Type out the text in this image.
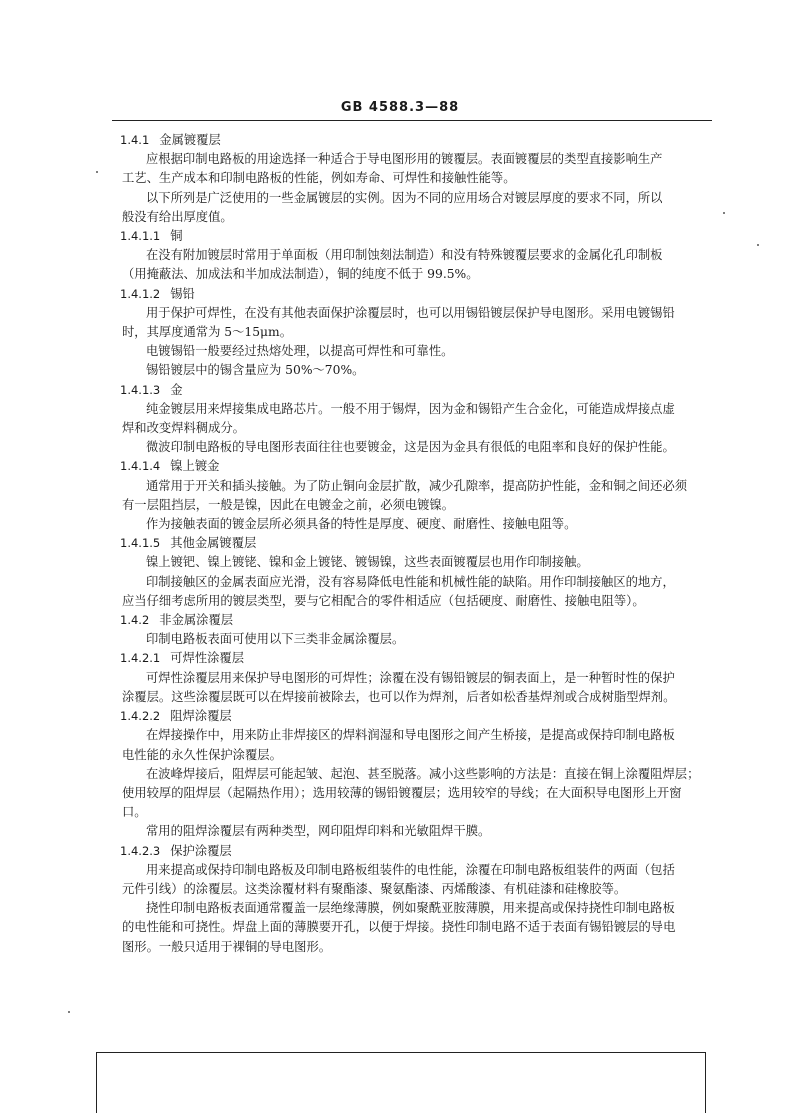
GB 4588.3—88
1.4.1 金属镀覆层

应根据印制电路板的用途选择一种适合于导电图形用的镀覆层。表面镀覆层的类型直接影响生产

工艺、生产成本和印制电路板的性能，例如寿命、可焊性和接触性能等。

以下所列是广泛使用的一些金属镀层的实例。因为不同的应用场合对镀层厚度的要求不同，所以

般没有给出厚度值。

1.4.1.1 铜

在没有附加镀层时常用于单面板（用印制蚀刻法制造）和没有特殊镀覆层要求的金属化孔印制板

（用掩蔽法、加成法和半加成法制造），铜的纯度不低于 99.5%。

1.4.1.2 锡铅

用于保护可焊性，在没有其他表面保护涂覆层时，也可以用锡铅镀层保护导电图形。采用电镀锡铅

时，其厚度通常为 5～15μm。

电镀锡铅一般要经过热熔处理，以提高可焊性和可靠性。

锡铅镀层中的锡含量应为 50%～70%。

1.4.1.3 金

纯金镀层用来焊接集成电路芯片。一般不用于锡焊，因为金和锡铅产生合金化，可能造成焊接点虚

焊和改变焊料稠成分。

微波印制电路板的导电图形表面往往也要镀金，这是因为金具有很低的电阻率和良好的保护性能。

1.4.1.4 镍上镀金

通常用于开关和插头接触。为了防止铜向金层扩散，减少孔隙率，提高防护性能，金和铜之间还必须

有一层阻挡层，一般是镍，因此在电镀金之前，必须电镀镍。

作为接触表面的镀金层所必须具备的特性是厚度、硬度、耐磨性、接触电阻等。

1.4.1.5 其他金属镀覆层

镍上镀钯、镍上镀铑、镍和金上镀铑、镀锡镍，这些表面镀覆层也用作印制接触。

印制接触区的金属表面应光滑，没有容易降低电性能和机械性能的缺陷。用作印制接触区的地方，

应当仔细考虑所用的镀层类型，要与它相配合的零件相适应（包括硬度、耐磨性、接触电阻等）。

1.4.2 非金属涂覆层

印制电路板表面可使用以下三类非金属涂覆层。

1.4.2.1 可焊性涂覆层

可焊性涂覆层用来保护导电图形的可焊性；涂覆在没有锡铅镀层的铜表面上，是一种暂时性的保护

涂覆层。这些涂覆层既可以在焊接前被除去，也可以作为焊剂，后者如松香基焊剂或合成树脂型焊剂。

1.4.2.2 阻焊涂覆层

在焊接操作中，用来防止非焊接区的焊料润湿和导电图形之间产生桥接，是提高或保持印制电路板

电性能的永久性保护涂覆层。

在波峰焊接后，阻焊层可能起皱、起泡、甚至脱落。减小这些影响的方法是：直接在铜上涂覆阻焊层；

使用较厚的阻焊层（起隔热作用）；选用较薄的锡铅镀覆层；选用较窄的导线；在大面积导电图形上开窗

口。

常用的阻焊涂覆层有两种类型，网印阻焊印料和光敏阻焊干膜。

1.4.2.3 保护涂覆层

用来提高或保持印制电路板及印制电路板组装件的电性能，涂覆在印制电路板组装件的两面（包括

元件引线）的涂覆层。这类涂覆材料有聚酯漆、聚氨酯漆、丙烯酸漆、有机硅漆和硅橡胶等。

挠性印制电路板表面通常覆盖一层绝缘薄膜，例如聚酰亚胺薄膜，用来提高或保持挠性印制电路板

的电性能和可挠性。焊盘上面的薄膜要开孔，以便于焊接。挠性印制电路不适于表面有锡铅镀层的导电

图形。一般只适用于裸铜的导电图形。
